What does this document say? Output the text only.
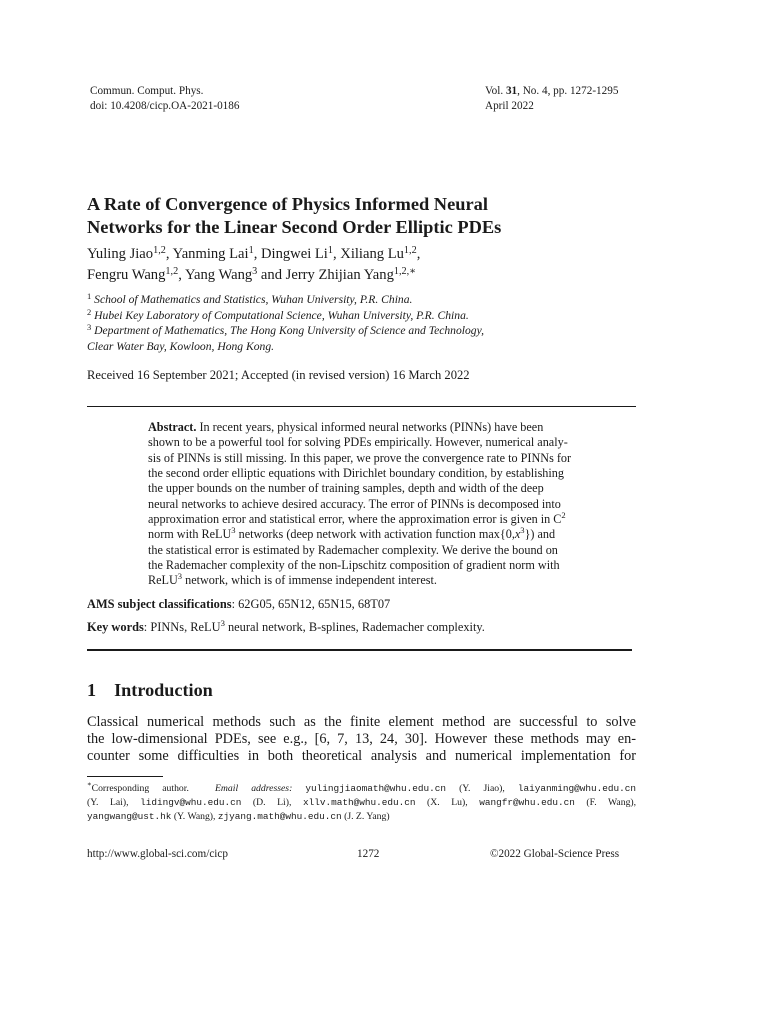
Commun. Comput. Phys.
doi: 10.4208/cicp.OA-2021-0186
Vol. 31, No. 4, pp. 1272-1295
April 2022
A Rate of Convergence of Physics Informed Neural
Networks for the Linear Second Order Elliptic PDEs
Yuling Jiao$^{1,2}$, Yanming Lai$^1$, Dingwei Li$^1$, Xiliang Lu$^{1,2}$,
Fengru Wang$^{1,2}$, Yang Wang$^3$ and Jerry Zhijian Yang$^{1,2,∗}$
$^1$ School of Mathematics and Statistics, Wuhan University, P.R. China.
$^2$ Hubei Key Laboratory of Computational Science, Wuhan University, P.R. China.
$^3$ Department of Mathematics, The Hong Kong University of Science and Technology,
Clear Water Bay, Kowloon, Hong Kong.
Received 16 September 2021; Accepted (in revised version) 16 March 2022
Abstract. In recent years, physical informed neural networks (PINNs) have been
shown to be a powerful tool for solving PDEs empirically. However, numerical analy-
sis of PINNs is still missing. In this paper, we prove the convergence rate to PINNs for
the second order elliptic equations with Dirichlet boundary condition, by establishing
the upper bounds on the number of training samples, depth and width of the deep
neural networks to achieve desired accuracy. The error of PINNs is decomposed into
approximation error and statistical error, where the approximation error is given in $C^2$
norm with ReLU$^3$ networks (deep network with activation function $\max\{0,x^3\}$) and
the statistical error is estimated by Rademacher complexity. We derive the bound on
the Rademacher complexity of the non-Lipschitz composition of gradient norm with
ReLU$^3$ network, which is of immense independent interest.
AMS subject classifications: 62G05, 65N12, 65N15, 68T07
Key words: PINNs, ReLU$^3$ neural network, B-splines, Rademacher complexity.
1 Introduction
Classical numerical methods such as the finite element method are successful to solve
the low-dimensional PDEs, see e.g., [6, 7, 13, 24, 30]. However these methods may en-
counter some difficulties in both theoretical analysis and numerical implementation for
∗Corresponding author.	Email addresses: yulingjiaomath@whu.edu.cn (Y. Jiao), laiyanming@whu.edu.cn
(Y. Lai), lidingv@whu.edu.cn (D. Li), xllv.math@whu.edu.cn (X. Lu), wangfr@whu.edu.cn (F. Wang),
yangwang@ust.hk (Y. Wang), zjyang.math@whu.edu.cn (J. Z. Yang)
http://www.global-sci.com/cicp	1272	©2022 Global-Science Press
